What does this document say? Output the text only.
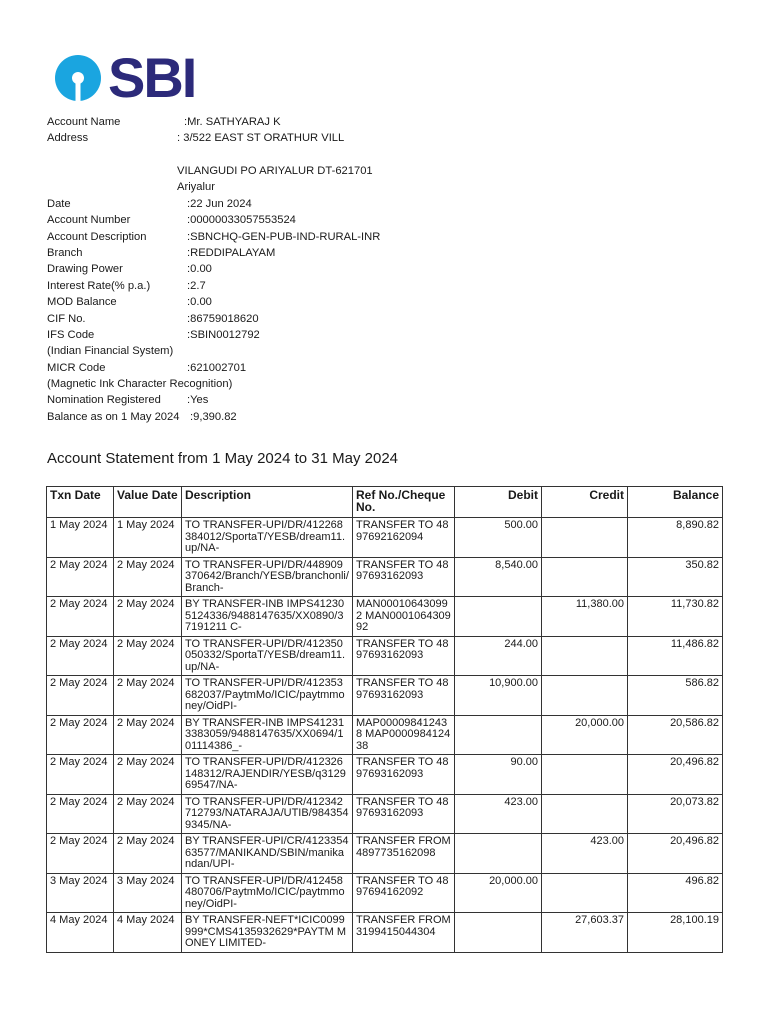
SBI
Account Name	:Mr. SATHYARAJ K
Address	: 3/522 EAST ST ORATHUR VILL
VILANGUDI PO ARIYALUR DT-621701
Ariyalur
Date	:22 Jun 2024
Account Number	:00000033057553524
Account Description	:SBNCHQ-GEN-PUB-IND-RURAL-INR
Branch	:REDDIPALAYAM
Drawing Power	:0.00
Interest Rate(% p.a.)	:2.7
MOD Balance	:0.00
CIF No.	:86759018620
IFS Code	:SBIN0012792
(Indian Financial System)
MICR Code	:621002701
(Magnetic Ink Character Recognition)
Nomination Registered :Yes
Balance as on 1 May 2024 :9,390.82
Account Statement from 1 May 2024 to 31 May 2024
Txn Date	Value Date	Description	Ref No./Cheque No.	Debit	Credit	Balance

1 May 2024	1 May 2024	TO TRANSFER-UPI/DR/412268384012/SportaT/YESB/dream11.up/NA-	TRANSFER TO 4897692162094	500.00		8,890.82

2 May 2024	2 May 2024	TO TRANSFER-UPI/DR/448909370642/Branch/YESB/branchonli/Branch-	TRANSFER TO 4897693162093	8,540.00		350.82

2 May 2024	2 May 2024	BY TRANSFER-INB IMPS412305124336/9488147635/XX0890/37191211 C-	MAN000106430992 MAN000106430992		11,380.00	11,730.82

2 May 2024	2 May 2024	TO TRANSFER-UPI/DR/412350050332/SportaT/YESB/dream11.up/NA-	TRANSFER TO 4897693162093	244.00		11,486.82

2 May 2024	2 May 2024	TO TRANSFER-UPI/DR/412353682037/PaytmMo/ICIC/paytmmoney/OidPI-	TRANSFER TO 4897693162093	10,900.00		586.82

2 May 2024	2 May 2024	BY TRANSFER-INB IMPS412313383059/9488147635/XX0694/101114386_-	MAP000098412438 MAP000098412438		20,000.00	20,586.82

2 May 2024	2 May 2024	TO TRANSFER-UPI/DR/412326148312/RAJENDIR/YESB/q312969547/NA-	TRANSFER TO 4897693162093	90.00		20,496.82

2 May 2024	2 May 2024	TO TRANSFER-UPI/DR/412342712793/NATARAJA/UTIB/9843549345/NA-	TRANSFER TO 4897693162093	423.00		20,073.82

2 May 2024	2 May 2024	BY TRANSFER-UPI/CR/412335463577/MANIKAND/SBIN/manikandan/UPI-	TRANSFER FROM 4897735162098		423.00	20,496.82

3 May 2024	3 May 2024	TO TRANSFER-UPI/DR/412458480706/PaytmMo/ICIC/paytmmoney/OidPI-	TRANSFER TO 4897694162092	20,000.00		496.82

4 May 2024	4 May 2024	BY TRANSFER-NEFT*ICIC0099999*CMS4135932629*PAYTM MONEY LIMITED-	TRANSFER FROM 3199415044304		27,603.37	28,100.19
